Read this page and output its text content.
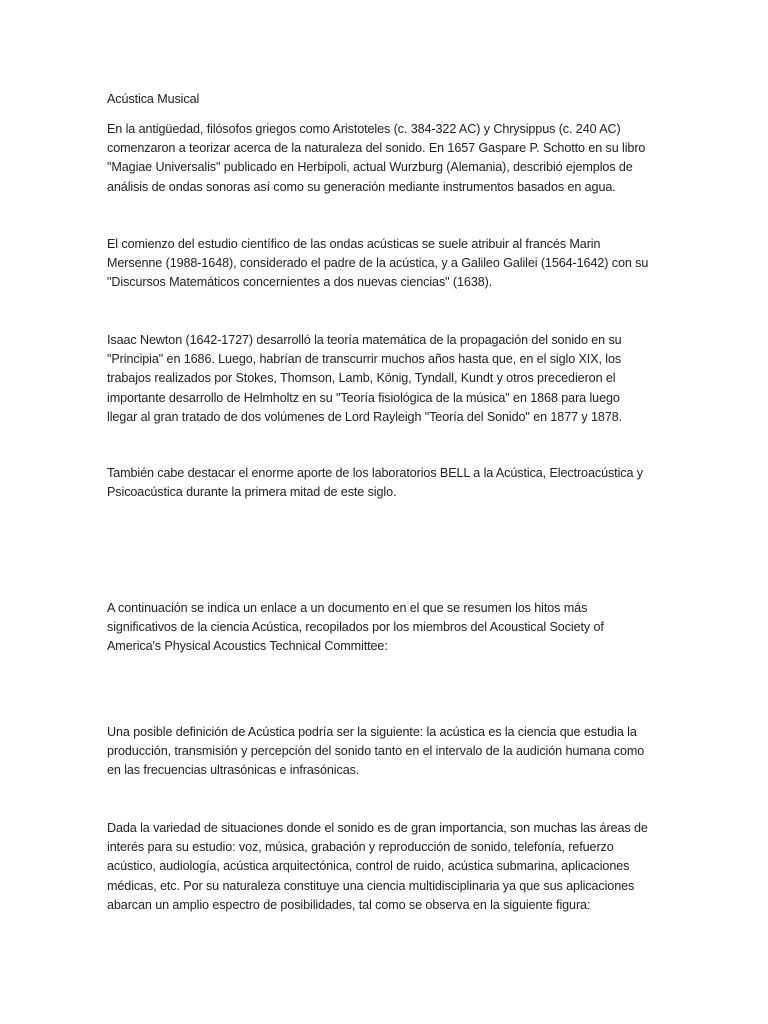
Acústica Musical

En la antigüedad, filósofos griegos como Aristoteles (c. 384-322 AC) y Chrysippus (c. 240 AC)
comenzaron a teorizar acerca de la naturaleza del sonido. En 1657 Gaspare P. Schotto en su libro
"Magiae Universalis" publicado en Herbipoli, actual Wurzburg (Alemania), describió ejemplos de
análisis de ondas sonoras así como su generación mediante instrumentos basados en agua.

El comienzo del estudio científico de las ondas acústicas se suele atribuir al francés Marin
Mersenne (1988-1648), considerado el padre de la acústica, y a Galileo Galilei (1564-1642) con su
"Discursos Matemáticos concernientes a dos nuevas ciencias" (1638).

Isaac Newton (1642-1727) desarrolló la teoría matemática de la propagación del sonido en su
"Principia" en 1686. Luego, habrían de transcurrir muchos años hasta que, en el siglo XIX, los
trabajos realizados por Stokes, Thomson, Lamb, König, Tyndall, Kundt y otros precedieron el
importante desarrollo de Helmholtz en su "Teoría fisiológica de la música" en 1868 para luego
llegar al gran tratado de dos volúmenes de Lord Rayleigh "Teoría del Sonido" en 1877 y 1878.

También cabe destacar el enorme aporte de los laboratorios BELL a la Acústica, Electroacústica y
Psicoacústica durante la primera mitad de este siglo.

A continuación se indica un enlace a un documento en el que se resumen los hitos más
significativos de la ciencia Acústica, recopilados por los miembros del Acoustical Society of
America's Physical Acoustics Technical Committee:

Una posible definición de Acústica podría ser la siguiente: la acústica es la ciencia que estudia la
producción, transmisión y percepción del sonido tanto en el intervalo de la audición humana como
en las frecuencias ultrasónicas e infrasónicas.

Dada la variedad de situaciones donde el sonido es de gran importancia, son muchas las áreas de
interés para su estudio: voz, música, grabación y reproducción de sonido, telefonía, refuerzo
acústico, audiología, acústica arquitectónica, control de ruido, acústica submarina, aplicaciones
médicas, etc. Por su naturaleza constituye una ciencia multidisciplinaria ya que sus aplicaciones
abarcan un amplio espectro de posibilidades, tal como se observa en la siguiente figura:
